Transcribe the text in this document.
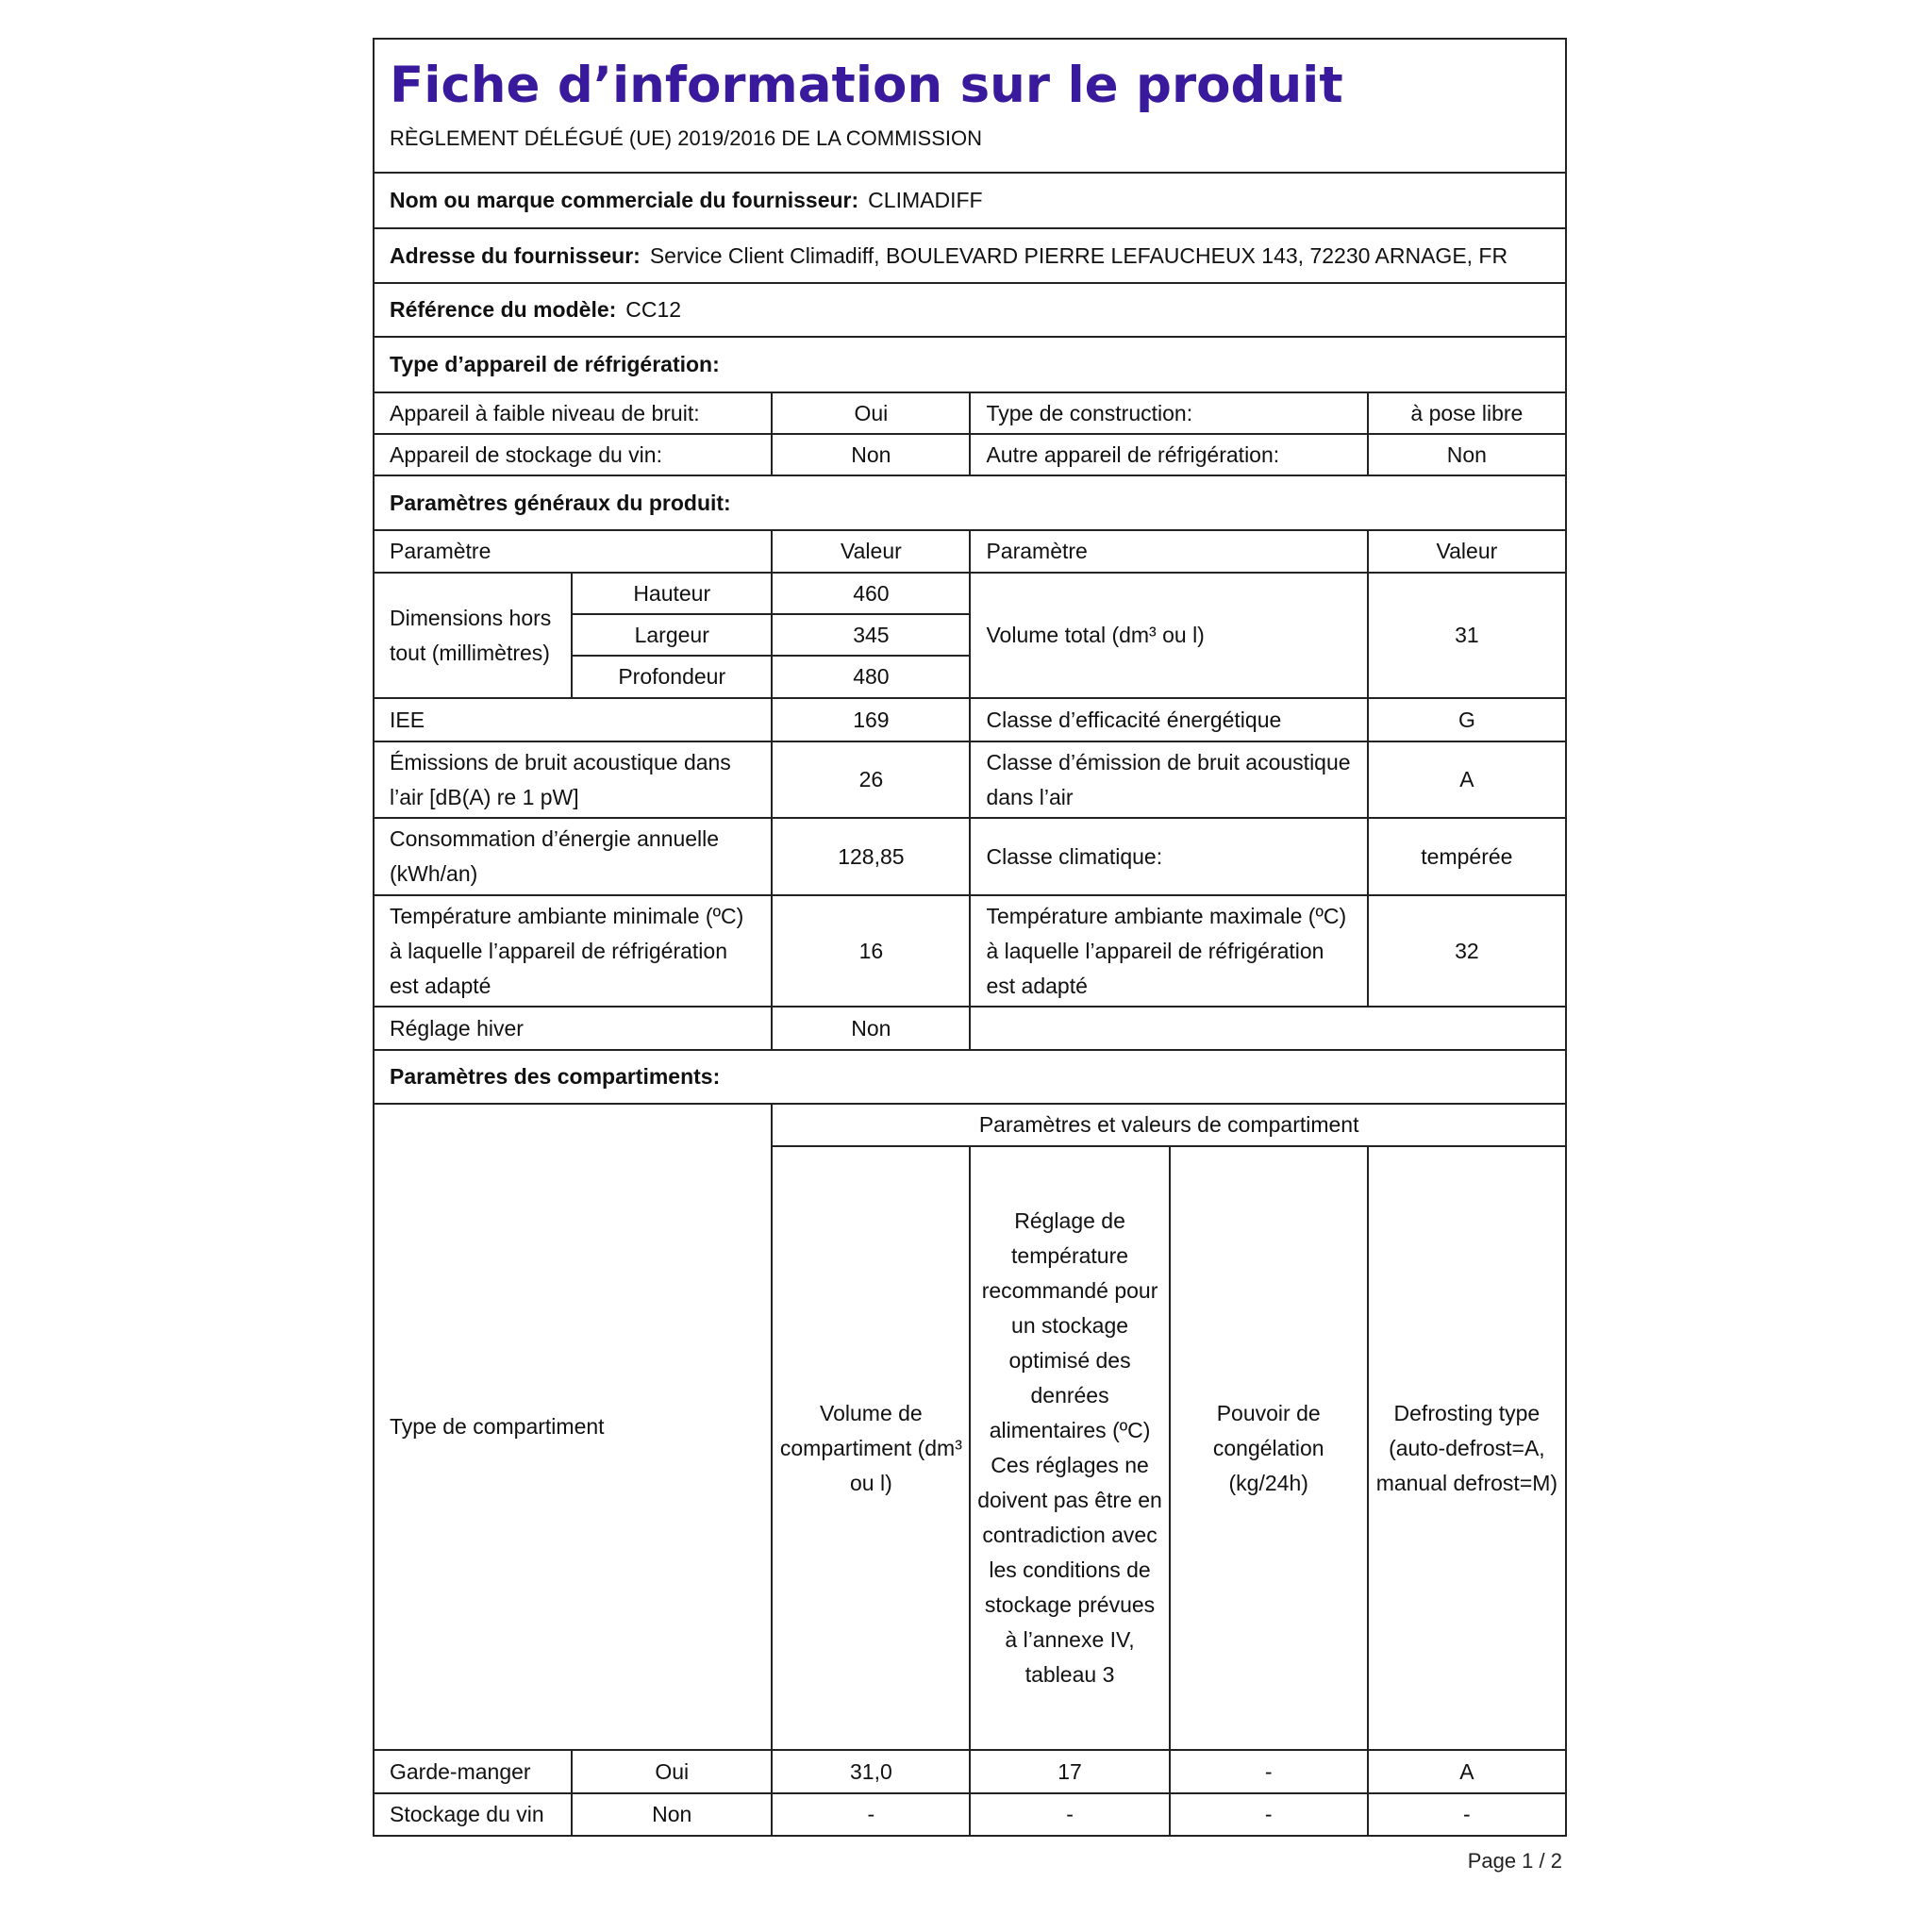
Fiche d’information sur le produit
RÈGLEMENT DÉLÉGUÉ (UE) 2019/2016 DE LA COMMISSION					

Nom ou marque commerciale du fournisseur: CLIMADIFF					
Adresse du fournisseur: Service Client Climadiff, BOULEVARD PIERRE LEFAUCHEUX 143, 72230 ARNAGE, FR					
Référence du modèle: CC12					
Type d’appareil de réfrigération:					
Appareil à faible niveau de bruit:		Oui	Type de construction:		à pose libre
Appareil de stockage du vin:		Non	Autre appareil de réfrigération:		Non
Paramètres généraux du produit:					
Paramètre		Valeur	Paramètre		Valeur
Dimensions hors tout (millimètres)	Hauteur	460	Volume total (dm³ ou l)		31
	Largeur	345			
	Profondeur	480			
IEE		169	Classe d’efficacité énergétique		G
Émissions de bruit acoustique dans l’air [dB(A) re 1 pW]		26	Classe d’émission de bruit acoustique dans l’air		A
Consommation d’énergie annuelle (kWh/an)		128,85	Classe climatique:		tempérée
Température ambiante minimale (ºC) à laquelle l’appareil de réfrigération est adapté		16	Température ambiante maximale (ºC) à laquelle l’appareil de réfrigération est adapté		32
Réglage hiver		Non			
Paramètres des compartiments:					
Type de compartiment		Paramètres et valeurs de compartiment			
		Volume de compartiment (dm³ ou l)	Réglage de température recommandé pour un stockage optimisé des denrées alimentaires (ºC) Ces réglages ne doivent pas être en contradiction avec les conditions de stockage prévues à l’annexe IV, tableau 3	Pouvoir de congélation (kg/24h)	Defrosting type (auto-defrost=A, manual defrost=M)
Garde-manger	Oui	31,0	17	-	A
Stockage du vin	Non	-	-	-	-
Page 1 / 2
